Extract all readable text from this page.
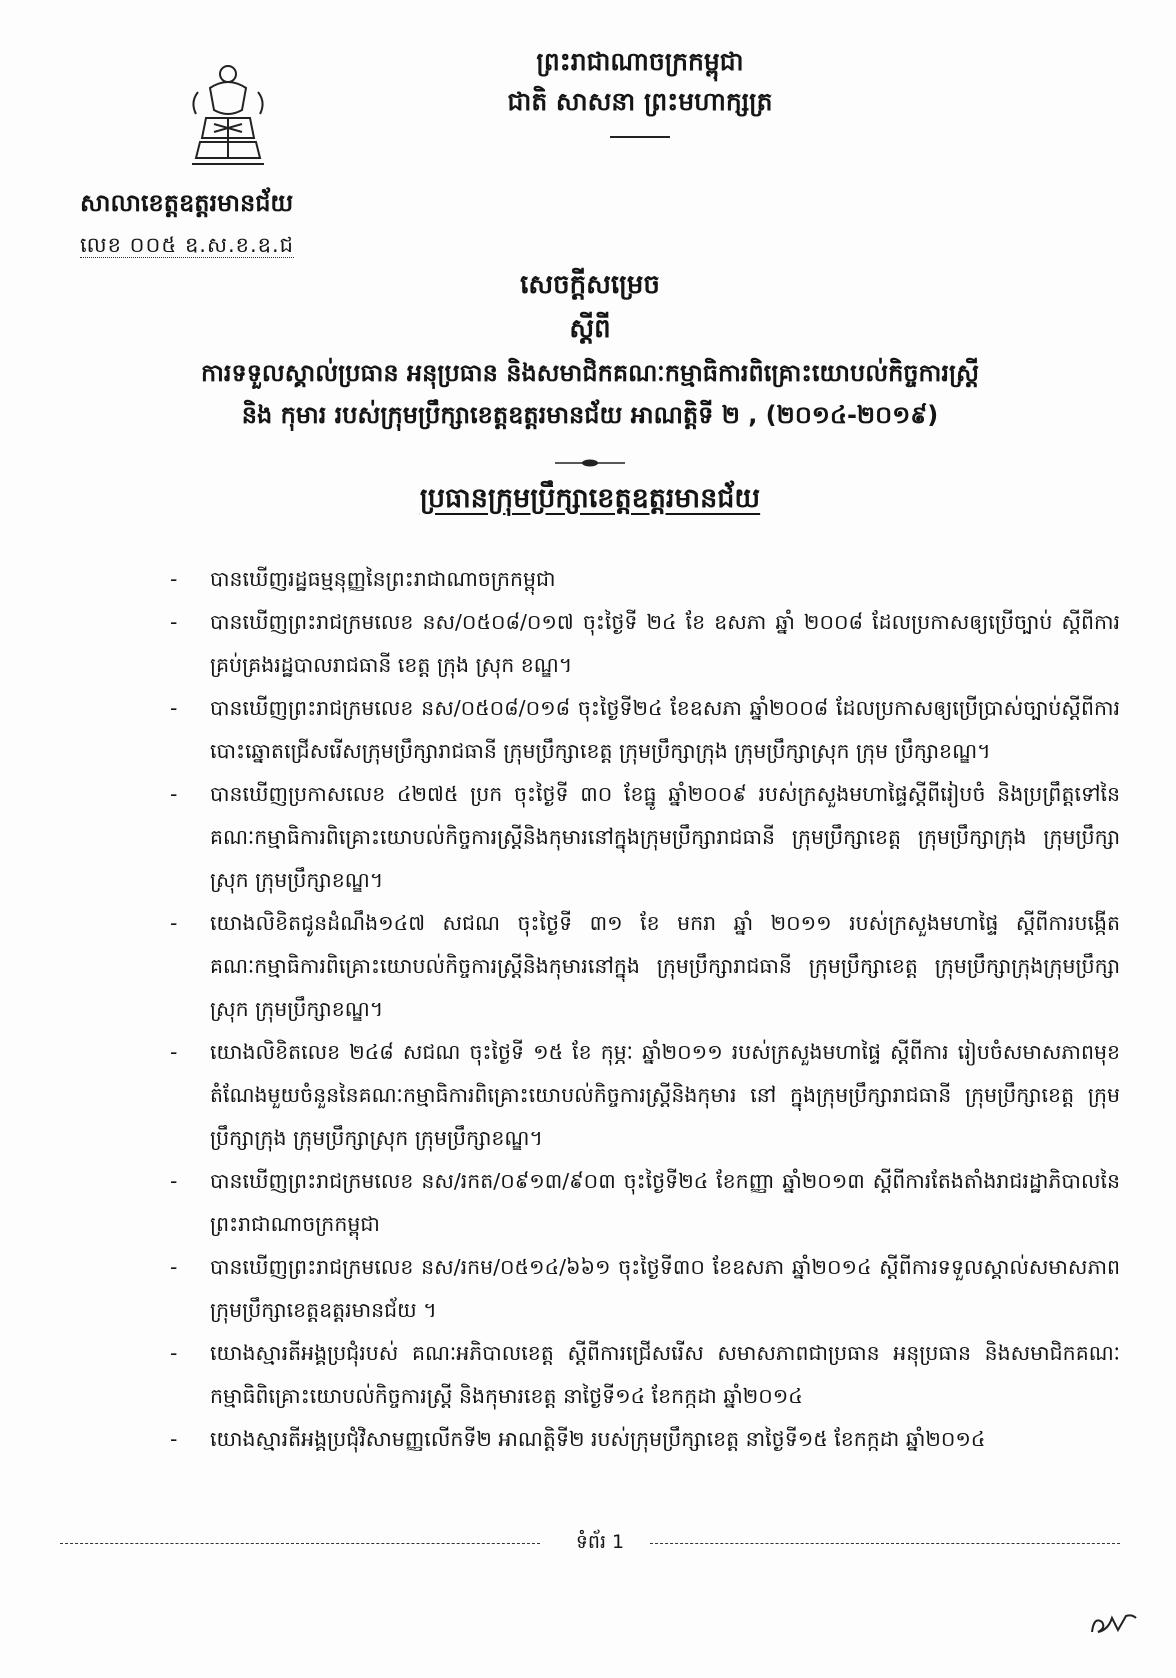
ព្រះរាជាណាចក្រកម្ពុជា
ជាតិ សាសនា ព្រះមហាក្សត្រ
សាលាខេត្តឧត្តរមានជ័យ
លេខ ០០៥ ឧ.ស.ខ.ឧ.ជ
សេចក្តីសម្រេច
ស្តីពី
ការទទួលស្គាល់ប្រធាន អនុប្រធាន និងសមាជិកគណៈកម្មាធិការពិគ្រោះយោបល់កិច្ចការស្ត្រី
និង កុមារ របស់ក្រុមប្រឹក្សាខេត្តឧត្តរមានជ័យ អាណត្តិទី ២ , (២០១៤-២០១៩)
ប្រធានក្រុមប្រឹក្សាខេត្តឧត្តរមានជ័យ
- បានឃើញរដ្ឋធម្មនុញ្ញនៃព្រះរាជាណាចក្រកម្ពុជា
- បានឃើញព្រះរាជក្រមលេខ នស/០៥០៨/០១៧ ចុះថ្ងៃទី ២៤ ខែ ឧសភា ឆ្នាំ ២០០៨ ដែលប្រកាសឲ្យប្រើច្បាប់ ស្តីពីការគ្រប់គ្រងរដ្ឋបាលរាជធានី ខេត្ត ក្រុង ស្រុក ខណ្ឌ។
- បានឃើញព្រះរាជក្រមលេខ នស/០៥០៨/០១៨ ចុះថ្ងៃទី២៤ ខែឧសភា ឆ្នាំ២០០៨ ដែលប្រកាសឲ្យប្រើប្រាស់ច្បាប់ស្តីពីការបោះឆ្នោតជ្រើសរើសក្រុមប្រឹក្សារាជធានី ក្រុមប្រឹក្សាខេត្ត ក្រុមប្រឹក្សាក្រុង ក្រុមប្រឹក្សាស្រុក ក្រុម ប្រឹក្សាខណ្ឌ។
- បានឃើញប្រកាសលេខ ៤២៧៥ ប្រក ចុះថ្ងៃទី ៣០ ខែធ្នូ ឆ្នាំ២០០៩ របស់ក្រសួងមហាផ្ទៃស្តីពីរៀបចំ និងប្រព្រឹត្តទៅនៃគណៈកម្មាធិការពិគ្រោះយោបល់កិច្ចការស្ត្រីនិងកុមារនៅក្នុងក្រុមប្រឹក្សារាជធានី ក្រុមប្រឹក្សាខេត្ត ក្រុមប្រឹក្សាក្រុង ក្រុមប្រឹក្សាស្រុក ក្រុមប្រឹក្សាខណ្ឌ។
- យោងលិខិតជូនដំណឹង១៤៧ សជណ ចុះថ្ងៃទី ៣១ ខែ មករា ឆ្នាំ ២០១១ របស់ក្រសួងមហាផ្ទៃ ស្តីពីការបង្កើតគណៈកម្មាធិការពិគ្រោះយោបល់កិច្ចការស្ត្រីនិងកុមារនៅក្នុង ក្រុមប្រឹក្សារាជធានី ក្រុមប្រឹក្សាខេត្ត ក្រុមប្រឹក្សាក្រុងក្រុមប្រឹក្សាស្រុក ក្រុមប្រឹក្សាខណ្ឌ។
- យោងលិខិតលេខ ២៤៨ សជណ ចុះថ្ងៃទី ១៥ ខែ កុម្ភៈ ឆ្នាំ២០១១ របស់ក្រសួងមហាផ្ទៃ ស្តីពីការ រៀបចំសមាសភាពមុខតំណែងមួយចំនួននៃគណៈកម្មាធិការពិគ្រោះយោបល់កិច្ចការស្ត្រីនិងកុមារ នៅ ក្នុងក្រុមប្រឹក្សារាជធានី ក្រុមប្រឹក្សាខេត្ត ក្រុមប្រឹក្សាក្រុង ក្រុមប្រឹក្សាស្រុក ក្រុមប្រឹក្សាខណ្ឌ។
- បានឃើញព្រះរាជក្រមលេខ នស/រកត/០៩១៣/៩០៣ ចុះថ្ងៃទី២៤ ខែកញ្ញា ឆ្នាំ២០១៣ ស្តីពីការតែងតាំងរាជរដ្ឋាភិបាលនៃព្រះរាជាណាចក្រកម្ពុជា
- បានឃើញព្រះរាជក្រមលេខ នស/រកម/០៥១៤/៦៦១ ចុះថ្ងៃទី៣០ ខែឧសភា ឆ្នាំ២០១៤ ស្តីពីការទទួលស្គាល់សមាសភាពក្រុមប្រឹក្សាខេត្តឧត្តរមានជ័យ ។
- យោងស្មារតីអង្គប្រជុំរបស់ គណៈអភិបាលខេត្ត ស្តីពីការជ្រើសរើស សមាសភាពជាប្រធាន អនុប្រធាន និងសមាជិកគណៈកម្មាធិពិគ្រោះយោបល់កិច្ចការស្ត្រី និងកុមារខេត្ត នាថ្ងៃទី១៤ ខែកក្កដា ឆ្នាំ២០១៤
- យោងស្មារតីអង្គប្រជុំវិសាមញ្ញលើកទី២ អាណត្តិទី២ របស់ក្រុមប្រឹក្សាខេត្ត នាថ្ងៃទី១៥ ខែកក្កដា ឆ្នាំ២០១៤
ទំព័រ 1
